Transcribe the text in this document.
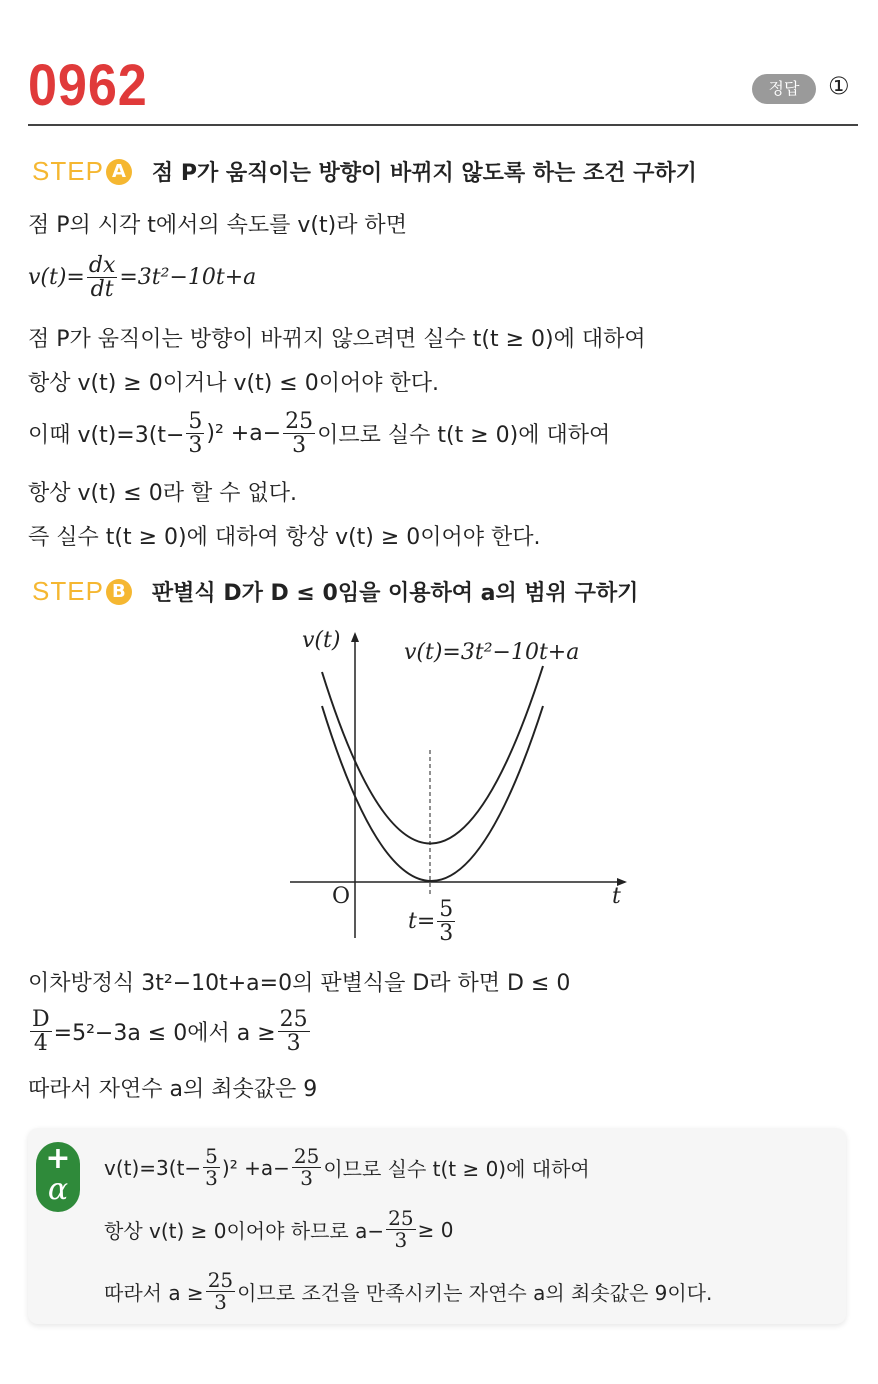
0962	정답	①
STEP A 점 P가 움직이는 방향이 바뀌지 않도록 하는 조건 구하기
점 P의 시각 t에서의 속도를 v(t)라 하면
$v(t)= \frac{dx}{dt} =3t^2-10t+a$
점 P가 움직이는 방향이 바뀌지 않으려면 실수 t(t ≥ 0)에 대하여
항상 v(t) ≥ 0이거나 v(t) ≤ 0이어야 한다.
이때 $v(t)=3(t- \frac{5}{3} )^2 +a- \frac{25}{3}$ 이므로 실수 t(t ≥ 0)에 대하여
항상 v(t) ≤ 0라 할 수 없다.
즉 실수 t(t ≥ 0)에 대하여 항상 v(t) ≥ 0이어야 한다.
STEP B 판별식 D가 D ≤ 0임을 이용하여 a의 범위 구하기
v(t)	v(t)=3t²−10t+a
O	t
$t= \frac{5}{3}$
이차방정식 3t²−10t+a=0의 판별식을 D라 하면 D ≤ 0
$\frac{D}{4} =5^2-3a \le 0$에서 $a \ge \frac{25}{3}$
따라서 자연수 a의 최솟값은 9
+
α
$v(t)=3(t- \frac{5}{3} )^2 +a- \frac{25}{3}$ 이므로 실수 t(t ≥ 0)에 대하여
항상 v(t) ≥ 0이어야 하므로 $a- \frac{25}{3} \ge 0$
따라서 $a \ge \frac{25}{3}$ 이므로 조건을 만족시키는 자연수 a의 최솟값은 9이다.
